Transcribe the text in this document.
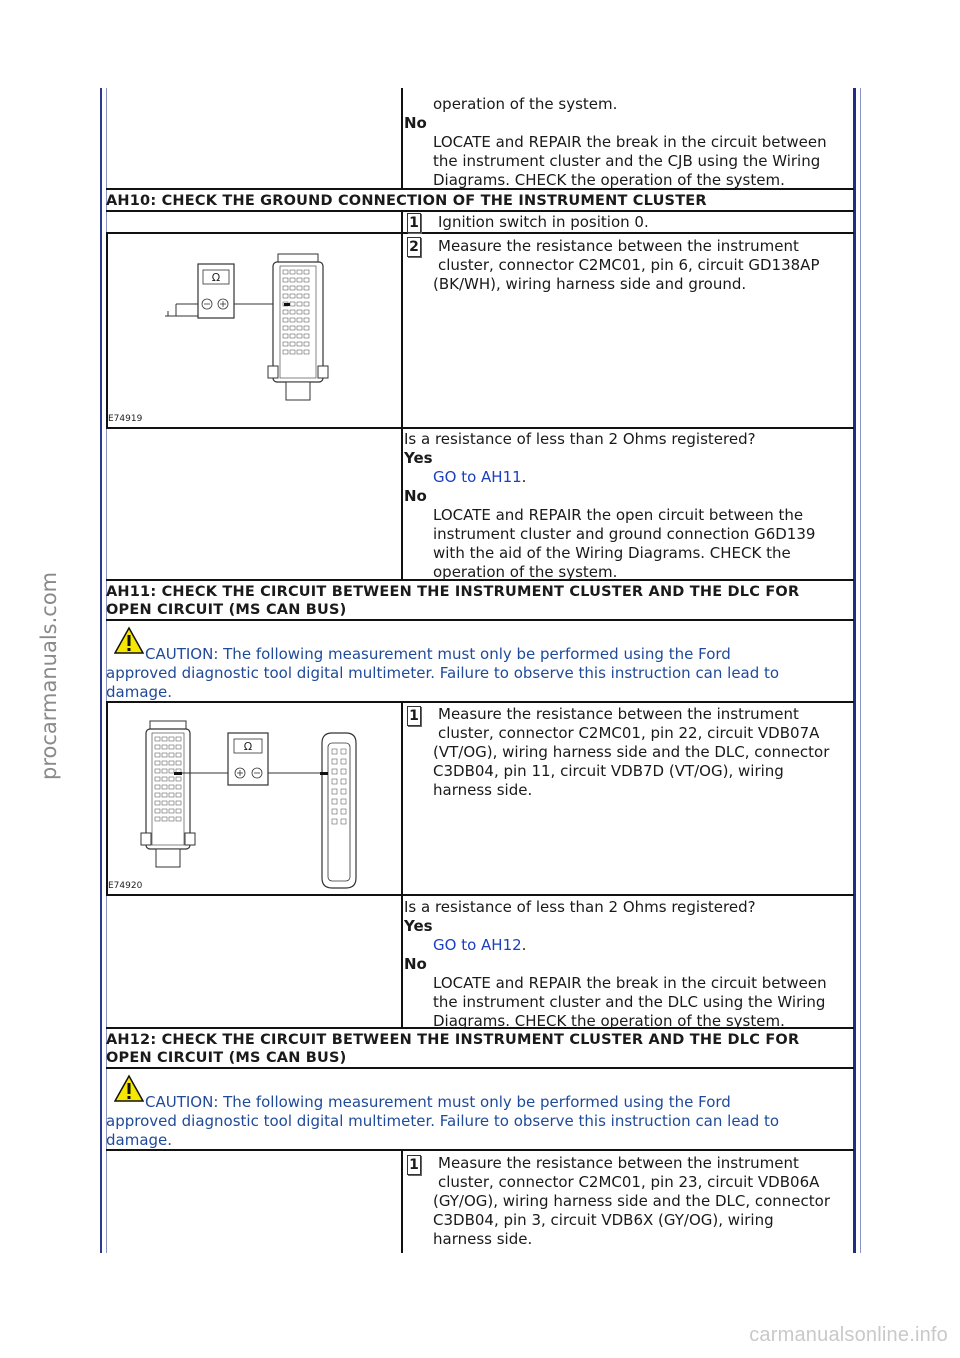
procarmanuals.com
carmanualsonline.info
operation of the system.
No
LOCATE and REPAIR the break in the circuit between
the instrument cluster and the CJB using the Wiring
Diagrams. CHECK the operation of the system.
AH10: CHECK THE GROUND CONNECTION OF THE INSTRUMENT CLUSTER
1 Ignition switch in position 0.
2 Measure the resistance between the instrument
cluster, connector C2MC01, pin 6, circuit GD138AP
(BK/WH), wiring harness side and ground.
Ω
E74919
Is a resistance of less than 2 Ohms registered?
Yes
GO to AH11.
No
LOCATE and REPAIR the open circuit between the
instrument cluster and ground connection G6D139
with the aid of the Wiring Diagrams. CHECK the
operation of the system.
AH11: CHECK THE CIRCUIT BETWEEN THE INSTRUMENT CLUSTER AND THE DLC FOR
OPEN CIRCUIT (MS CAN BUS)
CAUTION: The following measurement must only be performed using the Ford
approved diagnostic tool digital multimeter. Failure to observe this instruction can lead to
damage.
1 Measure the resistance between the instrument
cluster, connector C2MC01, pin 22, circuit VDB07A
(VT/OG), wiring harness side and the DLC, connector
C3DB04, pin 11, circuit VDB7D (VT/OG), wiring
harness side.
Ω
E74920
Is a resistance of less than 2 Ohms registered?
Yes
GO to AH12.
No
LOCATE and REPAIR the break in the circuit between
the instrument cluster and the DLC using the Wiring
Diagrams. CHECK the operation of the system.
AH12: CHECK THE CIRCUIT BETWEEN THE INSTRUMENT CLUSTER AND THE DLC FOR
OPEN CIRCUIT (MS CAN BUS)
CAUTION: The following measurement must only be performed using the Ford
approved diagnostic tool digital multimeter. Failure to observe this instruction can lead to
damage.
1 Measure the resistance between the instrument
cluster, connector C2MC01, pin 23, circuit VDB06A
(GY/OG), wiring harness side and the DLC, connector
C3DB04, pin 3, circuit VDB6X (GY/OG), wiring
harness side.
